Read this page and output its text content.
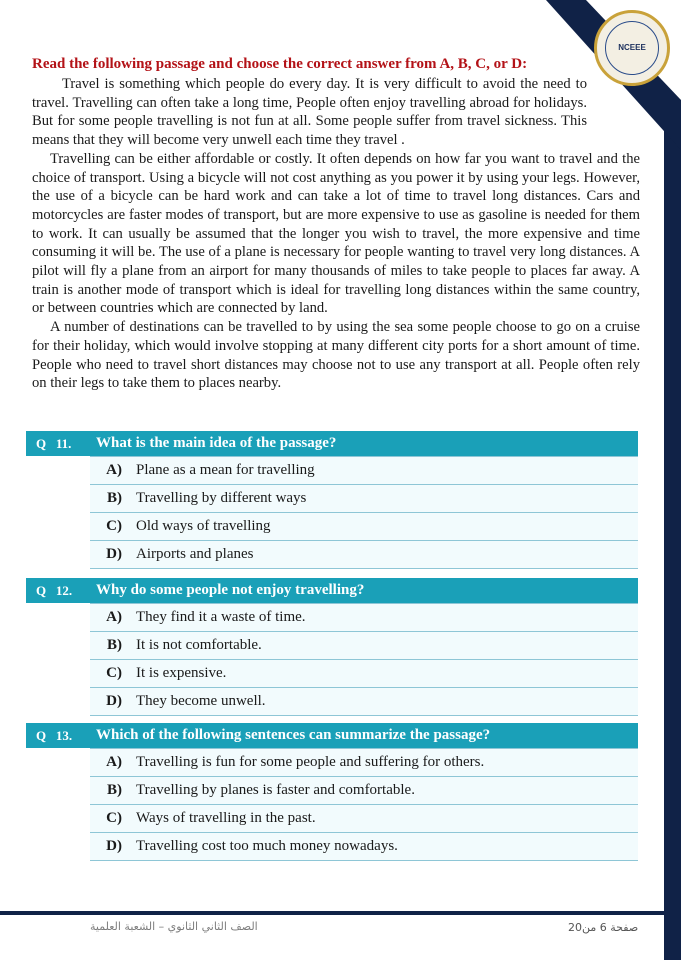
NCEEE
Read the following passage and choose the correct answer from A, B, C, or D:

Travel is something which people do every day. It is very difficult to avoid the need to travel. Travelling can often take a long time, People often enjoy travelling abroad for holidays. But for some people travelling is not fun at all. Some people suffer from travel sickness. This means that they will become very unwell each time they travel .

Travelling can be either affordable or costly. It often depends on how far you want to travel and the choice of transport. Using a bicycle will not cost anything as you power it by using your legs. However, the use of a bicycle can be hard work and can take a lot of time to travel long distances. Cars and motorcycles are faster modes of transport, but are more expensive to use as gasoline is needed for them to work. It can usually be assumed that the longer you wish to travel, the more expensive and time consuming it will be. The use of a plane is necessary for people wanting to travel very long distances. A pilot will fly a plane from an airport for many thousands of miles to take people to places far away. A train is another mode of transport which is ideal for travelling long distances within the same country, or between countries which are connected by land.

A number of destinations can be travelled to by using the sea some people choose to go on a cruise for their holiday, which would involve stopping at many different city ports for a short amount of time. People who need to travel short distances may choose not to use any transport at all. People often rely on their legs to take them to places nearby.

Q 11.	What is the main idea of the passage?
A) Plane as a mean for travelling
B) Travelling by different ways
C) Old ways of travelling
D) Airports and planes
Q 12.	Why do some people not enjoy travelling?
A) They find it a waste of time.
B) It is not comfortable.
C) It is expensive.
D) They become unwell.
Q 13.	Which of the following sentences can summarize the passage?
A) Travelling is fun for some people and suffering for others.
B) Travelling by planes is faster and comfortable.
C) Ways of travelling in the past.
D) Travelling cost too much money nowadays.
الصف الثاني الثانوي – الشعبة العلمية	صفحة 6 من20
